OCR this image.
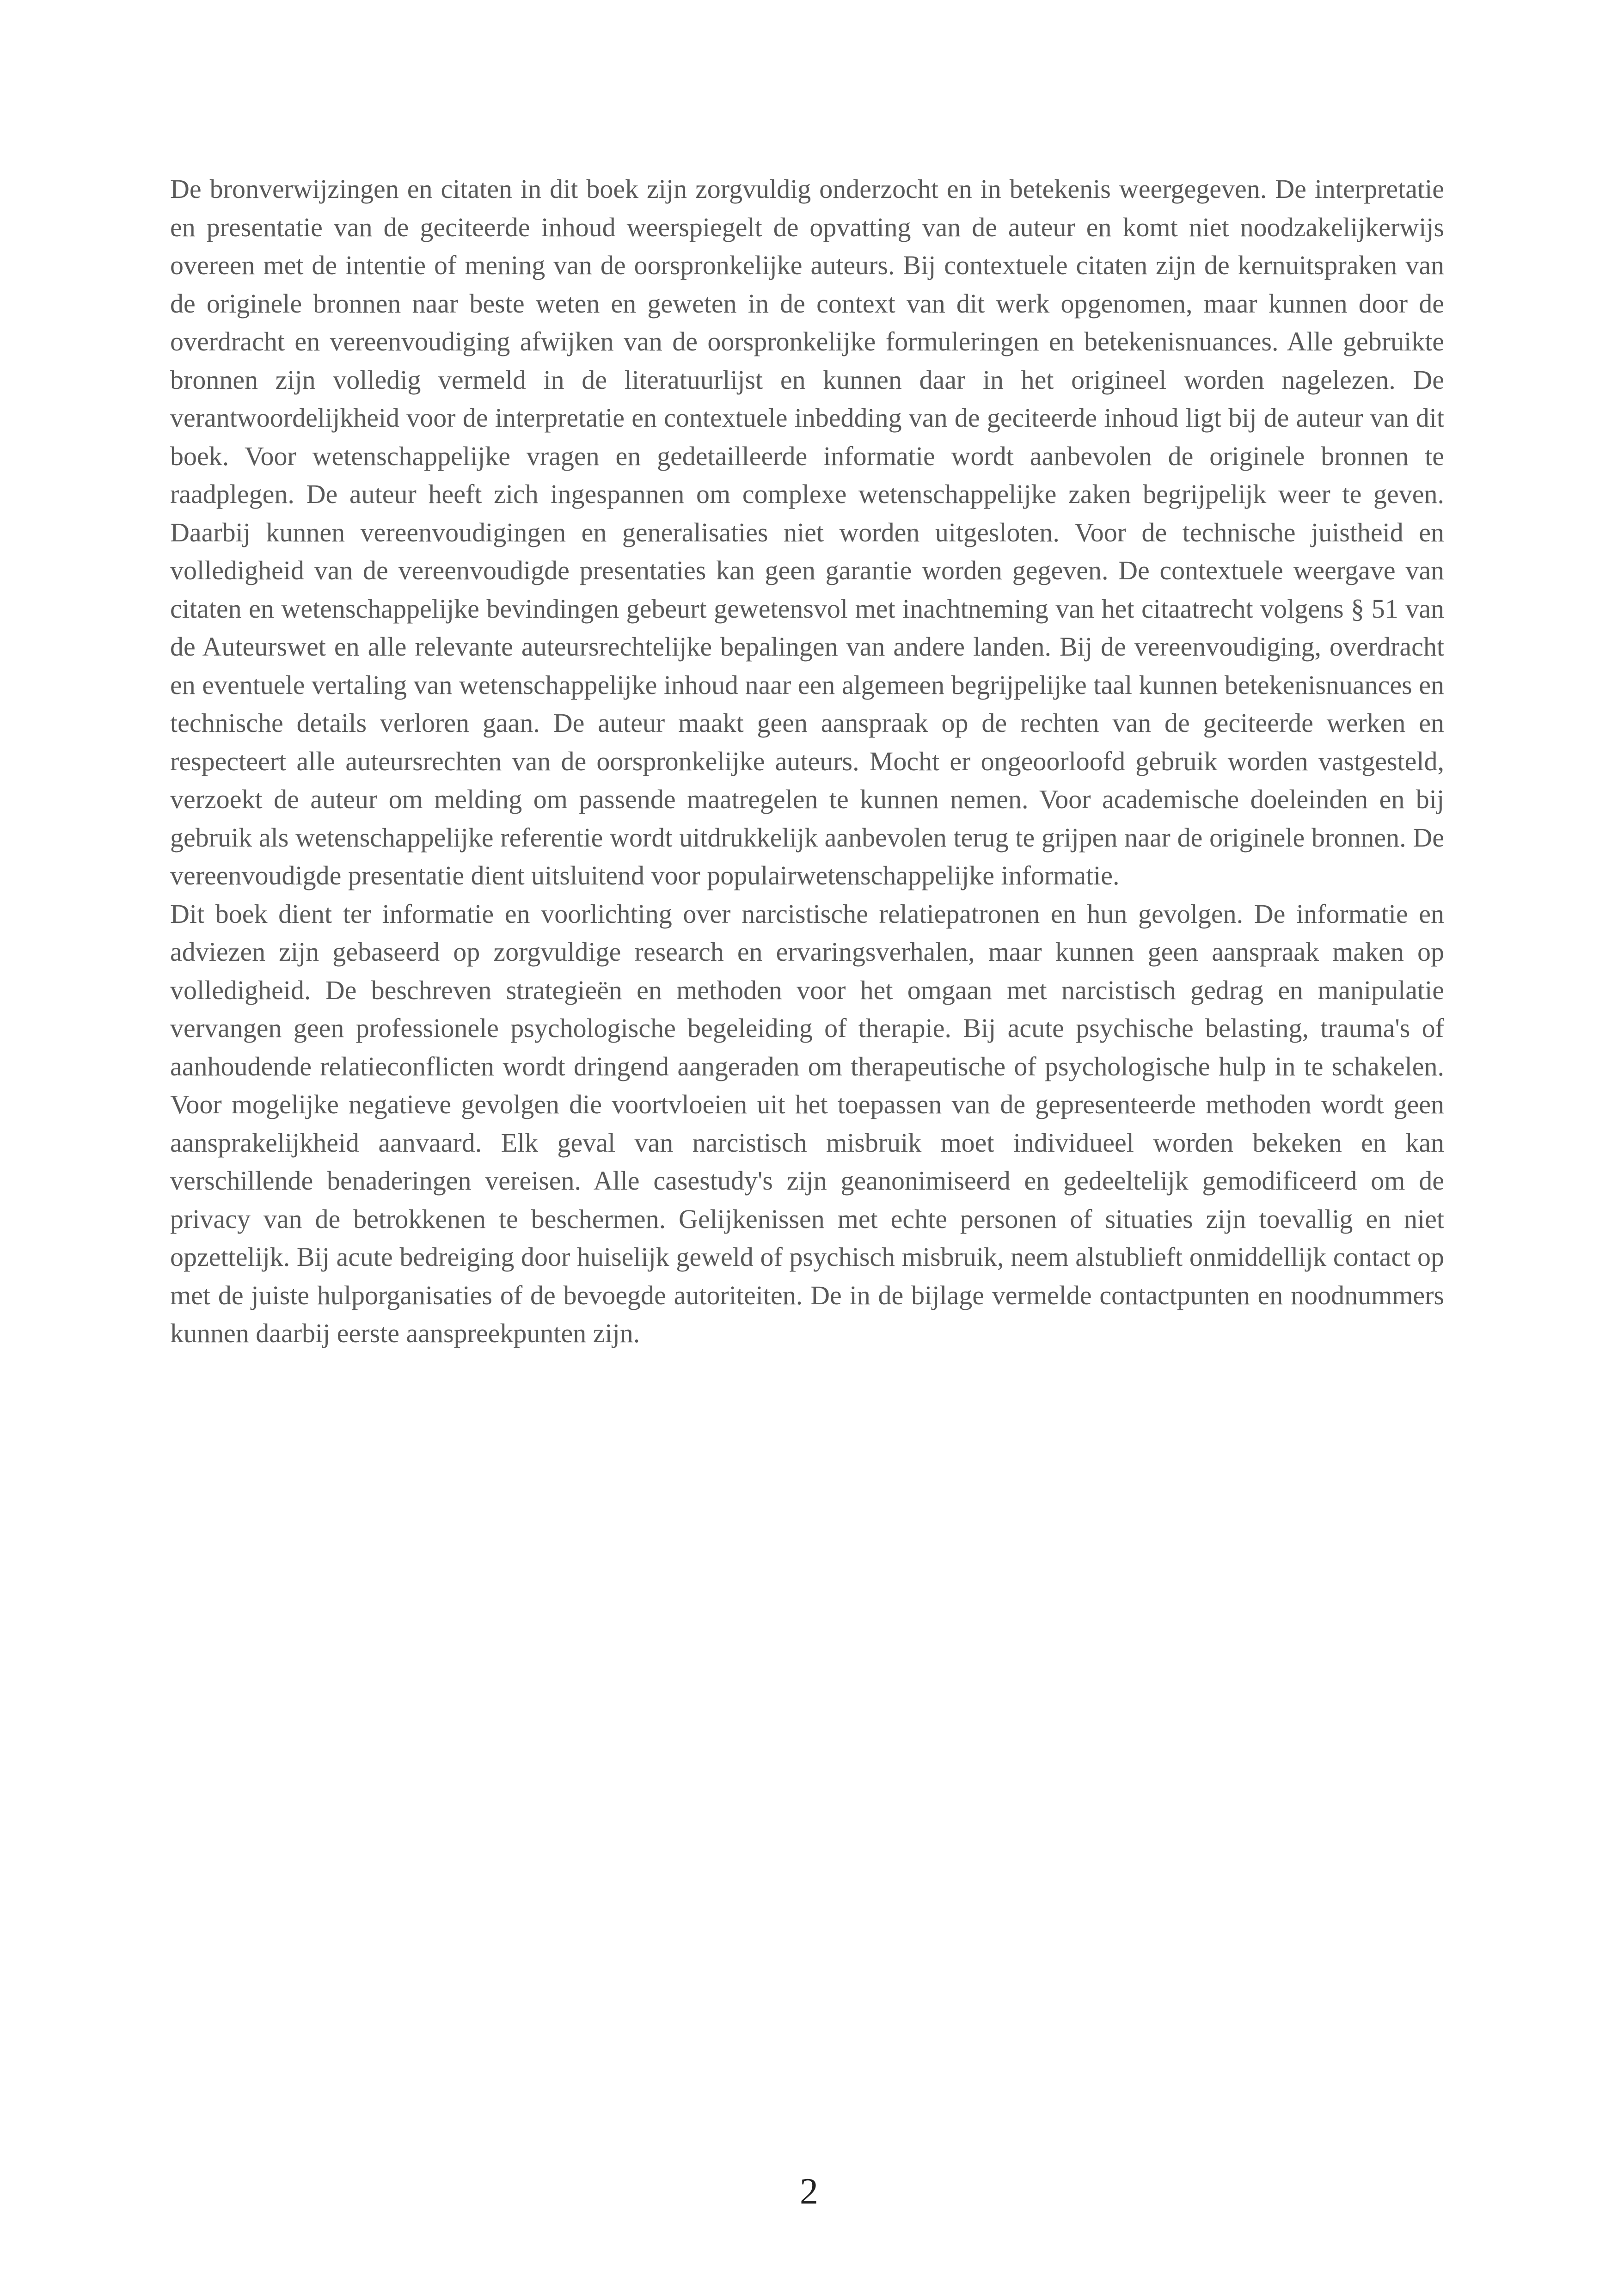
De bronverwijzingen en citaten in dit boek zijn zorgvuldig onderzocht en in betekenis weergegeven. De interpretatie en presentatie van de geciteerde inhoud weerspiegelt de opvatting van de auteur en komt niet noodzakelijkerwijs overeen met de intentie of mening van de oorspronkelijke auteurs. Bij contextuele citaten zijn de kernuitspraken van de originele bronnen naar beste weten en geweten in de context van dit werk opgenomen, maar kunnen door de overdracht en vereenvoudiging afwijken van de oorspronkelijke formuleringen en betekenisnuances. Alle gebruikte bronnen zijn volledig vermeld in de literatuurlijst en kunnen daar in het origineel worden nagelezen. De verantwoordelijkheid voor de interpretatie en contextuele inbedding van de geciteerde inhoud ligt bij de auteur van dit boek. Voor wetenschappelijke vragen en gedetailleerde informatie wordt aanbevolen de originele bronnen te raadplegen. De auteur heeft zich ingespannen om complexe wetenschappelijke zaken begrijpelijk weer te geven. Daarbij kunnen vereenvoudigingen en generalisaties niet worden uitgesloten. Voor de technische juistheid en volledigheid van de vereenvoudigde presentaties kan geen garantie worden gegeven. De contextuele weergave van citaten en wetenschappelijke bevindingen gebeurt gewetensvol met inachtneming van het citaatrecht volgens § 51 van de Auteurswet en alle relevante auteursrechtelijke bepalingen van andere landen. Bij de vereenvoudiging, overdracht en eventuele vertaling van wetenschappelijke inhoud naar een algemeen begrijpelijke taal kunnen betekenisnuances en technische details verloren gaan. De auteur maakt geen aanspraak op de rechten van de geciteerde werken en respecteert alle auteursrechten van de oorspronkelijke auteurs. Mocht er ongeoorloofd gebruik worden vastgesteld, verzoekt de auteur om melding om passende maatregelen te kunnen nemen. Voor academische doeleinden en bij gebruik als wetenschappelijke referentie wordt uitdrukkelijk aanbevolen terug te grijpen naar de originele bronnen. De vereenvoudigde presentatie dient uitsluitend voor populairwetenschappelijke informatie.

Dit boek dient ter informatie en voorlichting over narcistische relatiepatronen en hun gevolgen. De informatie en adviezen zijn gebaseerd op zorgvuldige research en ervaringsverhalen, maar kunnen geen aanspraak maken op volledigheid. De beschreven strategieën en methoden voor het omgaan met narcistisch gedrag en manipulatie vervangen geen professionele psychologische begeleiding of therapie. Bij acute psychische belasting, trauma's of aanhoudende relatieconflicten wordt dringend aangeraden om therapeutische of psychologische hulp in te schakelen. Voor mogelijke negatieve gevolgen die voortvloeien uit het toepassen van de gepresenteerde methoden wordt geen aansprakelijkheid aanvaard. Elk geval van narcistisch misbruik moet individueel worden bekeken en kan verschillende benaderingen vereisen. Alle casestudy's zijn geanonimiseerd en gedeeltelijk gemodificeerd om de privacy van de betrokkenen te beschermen. Gelijkenissen met echte personen of situaties zijn toevallig en niet opzettelijk. Bij acute bedreiging door huiselijk geweld of psychisch misbruik, neem alstublieft onmiddellijk contact op met de juiste hulporganisaties of de bevoegde autoriteiten. De in de bijlage vermelde contactpunten en noodnummers kunnen daarbij eerste aanspreekpunten zijn.

2
